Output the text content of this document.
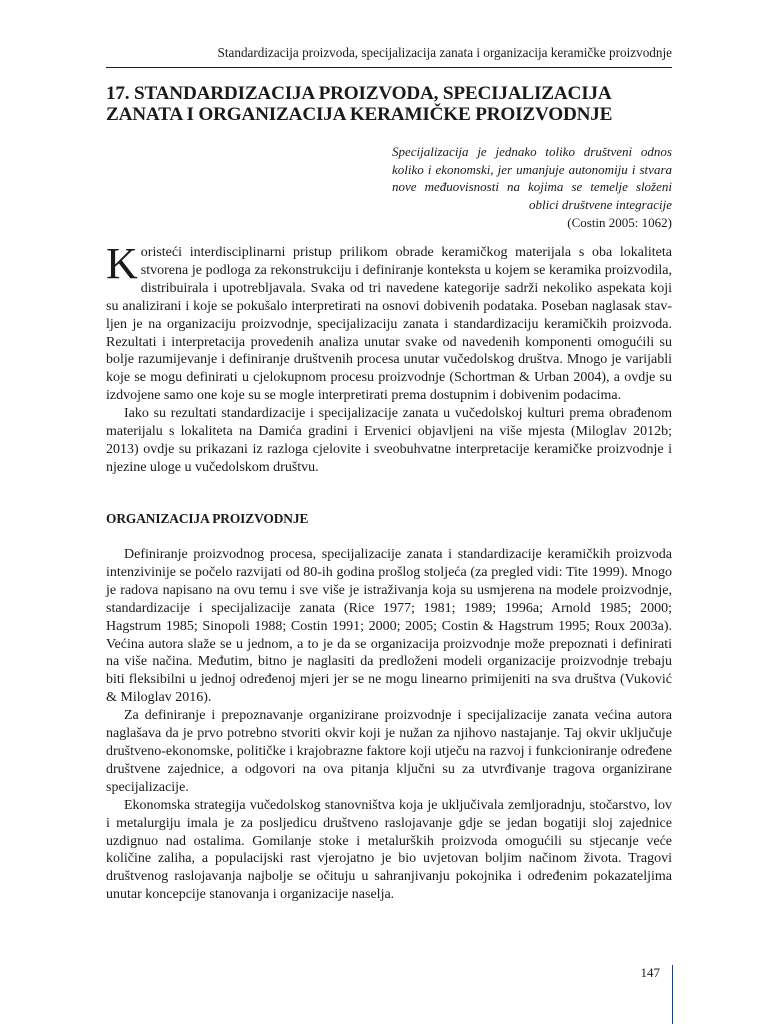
Standardizacija proizvoda, specijalizacija zanata i organizacija keramičke proizvodnje
17. STANDARDIZACIJA PROIZVODA, SPECIJALIZACIJA ZANATA I ORGANIZACIJA KERAMIČKE PROIZVODNJE
Specijalizacija je jednako toliko društveni odnos koliko i ekonomski, jer umanjuje autonomiju i stvara nove međuovisnosti na kojima se temelje složeni oblici društvene integracije
(Costin 2005: 1062)

Koristeći interdisciplinarni pristup prilikom obrade keramičkog materijala s oba lokaliteta stvorena je podloga za rekonstrukciju i definiranje konteksta u kojem se keramika proizvodila, distribuirala i upotrebljavala. Svaka od tri navedene kategorije sadrži nekoliko aspekata koji su analizirani i koje se pokušalo interpretirati na osnovi dobivenih podataka. Poseban naglasak stavljen je na organizaciju proizvodnje, specijalizaciju zanata i standardizaciju keramičkih proizvoda. Rezultati i interpretacija provedenih analiza unutar svake od navedenih komponenti omogućili su bolje razumijevanje i definiranje društvenih procesa unutar vučedolskog društva. Mnogo je varijabli koje se mogu definirati u cjelokupnom procesu proizvodnje (Schortman & Urban 2004), a ovdje su izdvojene samo one koje su se mogle interpretirati prema dostupnim i dobivenim podacima.

Iako su rezultati standardizacije i specijalizacije zanata u vučedolskoj kulturi prema obrađenom materijalu s lokaliteta na Damića gradini i Ervenici objavljeni na više mjesta (Miloglav 2012b; 2013) ovdje su prikazani iz razloga cjelovite i sveobuhvatne interpretacije keramičke proizvodnje i njezine uloge u vučedolskom društvu.

ORGANIZACIJA PROIZVODNJE

Definiranje proizvodnog procesa, specijalizacije zanata i standardizacije keramičkih proizvoda intenzivinije se počelo razvijati od 80-ih godina prošlog stoljeća (za pregled vidi: Tite 1999). Mnogo je radova napisano na ovu temu i sve više je istraživanja koja su usmjerena na modele proizvodnje, standardizacije i specijalizacije zanata (Rice 1977; 1981; 1989; 1996a; Arnold 1985; 2000; Hagstrum 1985; Sinopoli 1988; Costin 1991; 2000; 2005; Costin & Hagstrum 1995; Roux 2003a). Većina autora slaže se u jednom, a to je da se organizacija proizvodnje može prepoznati i definirati na više načina. Međutim, bitno je naglasiti da predloženi modeli organizacije proizvodnje trebaju biti fleksibilni u jednoj određenoj mjeri jer se ne mogu linearno primijeniti na sva društva (Vuković & Miloglav 2016).

Za definiranje i prepoznavanje organizirane proizvodnje i specijalizacije zanata većina autora naglašava da je prvo potrebno stvoriti okvir koji je nužan za njihovo nastajanje. Taj okvir uključuje društveno-ekonomske, političke i krajobrazne faktore koji utječu na razvoj i funkcioniranje određene društvene zajednice, a odgovori na ova pitanja ključni su za utvrđivanje tragova organizirane specijalizacije.

Ekonomska strategija vučedolskog stanovništva koja je uključivala zemljoradnju, stočarstvo, lov i metalurgiju imala je za posljedicu društveno raslojavanje gdje se jedan bogatiji sloj zajednice uzdignuo nad ostalima. Gomilanje stoke i metalurških proizvoda omogućili su stjecanje veće količine zaliha, a populacijski rast vjerojatno je bio uvjetovan boljim načinom života. Tragovi društvenog raslojavanja najbolje se očituju u sahranjivanju pokojnika i određenim pokazateljima unutar koncepcije stanovanja i organizacije naselja.

147
